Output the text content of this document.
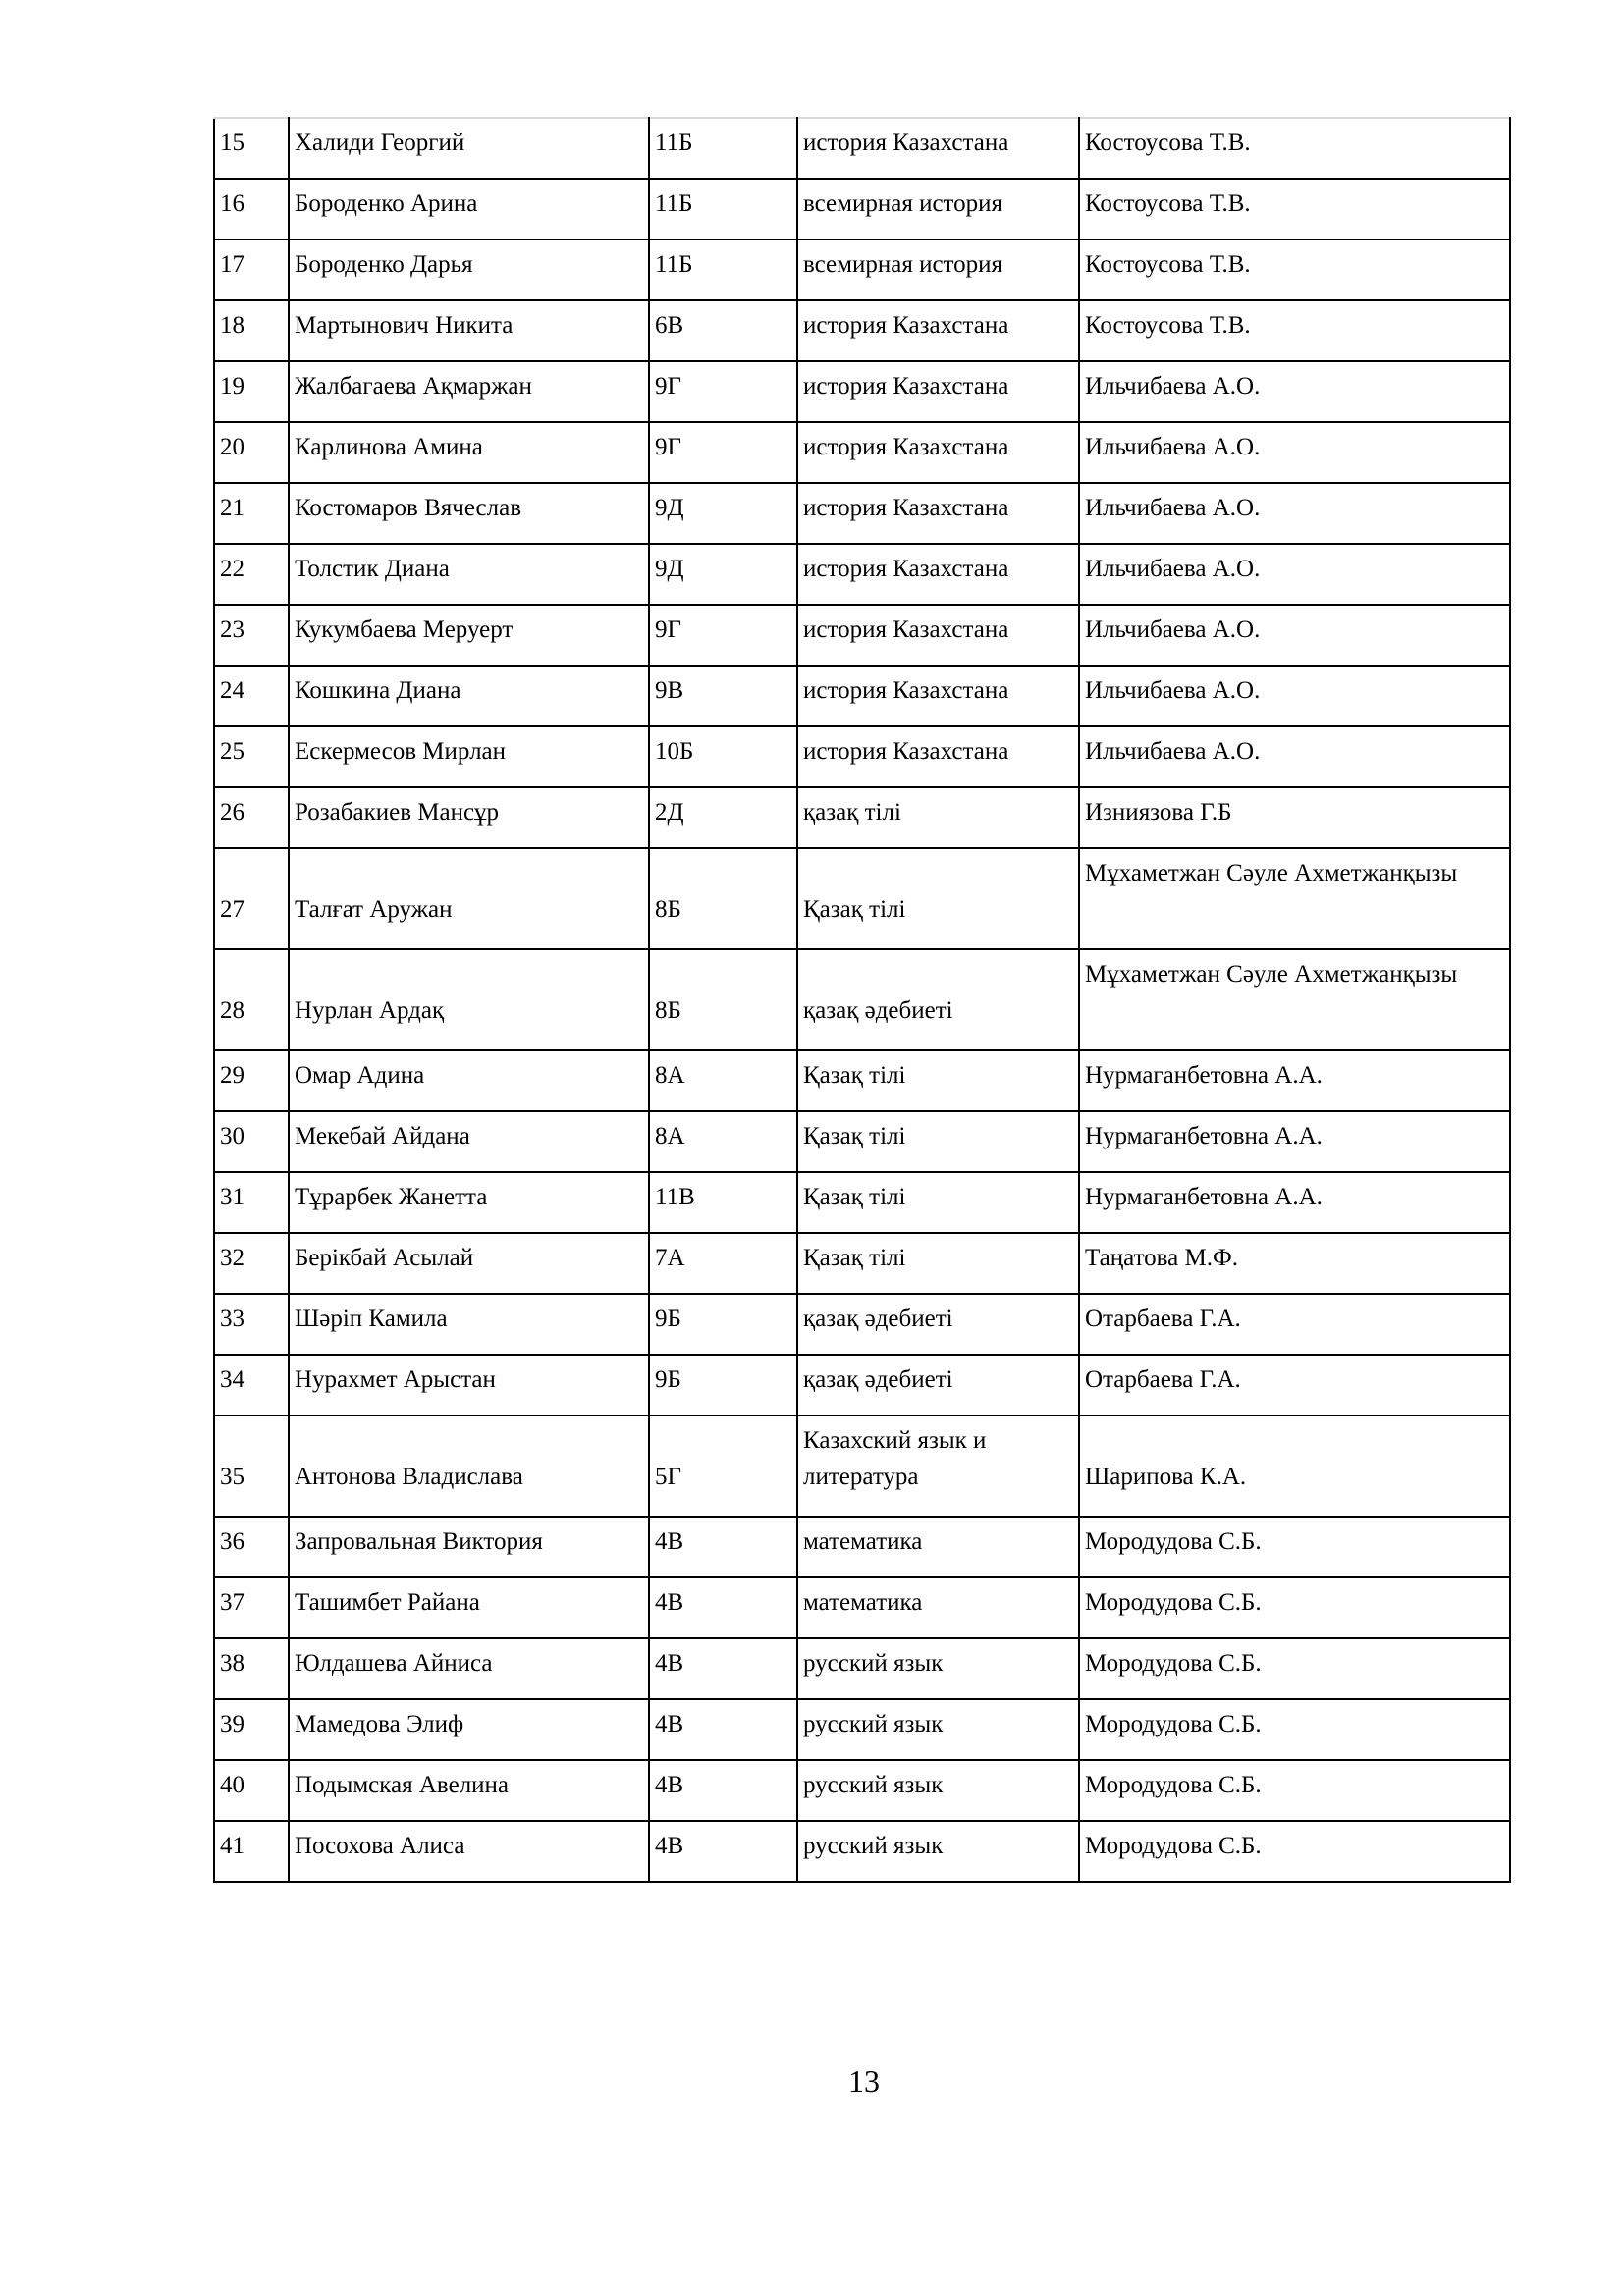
15	Халиди Георгий	11Б	история Казахстана	Костоусова Т.В.
16	Бороденко Арина	11Б	всемирная история	Костоусова Т.В.
17	Бороденко Дарья	11Б	всемирная история	Костоусова Т.В.
18	Мартынович Никита	6В	история Казахстана	Костоусова Т.В.
19	Жалбагаева Ақмаржан	9Г	история Казахстана	Ильчибаева А.О.
20	Карлинова Амина	9Г	история Казахстана	Ильчибаева А.О.
21	Костомаров Вячеслав	9Д	история Казахстана	Ильчибаева А.О.
22	Толстик Диана	9Д	история Казахстана	Ильчибаева А.О.
23	Кукумбаева Меруерт	9Г	история Казахстана	Ильчибаева А.О.
24	Кошкина Диана	9В	история Казахстана	Ильчибаева А.О.
25	Ескермесов Мирлан	10Б	история Казахстана	Ильчибаева А.О.
26	Розабакиев Мансұр	2Д	қазақ тілі	Изниязова Г.Б
27	Талғат Аружан	8Б	Қазақ тілі	Мұхаметжан Сәуле Ахметжанқызы
28	Нурлан Ардақ	8Б	қазақ әдебиеті	Мұхаметжан Сәуле Ахметжанқызы
29	Омар Адина	8А	Қазақ тілі	Нурмаганбетовна А.А.
30	Мекебай Айдана	8А	Қазақ тілі	Нурмаганбетовна А.А.
31	Тұрарбек Жанетта	11В	Қазақ тілі	Нурмаганбетовна А.А.
32	Берікбай Асылай	7А	Қазақ тілі	Таңатова М.Ф.
33	Шәріп Камила	9Б	қазақ әдебиеті	Отарбаева Г.А.
34	Нурахмет Арыстан	9Б	қазақ әдебиеті	Отарбаева Г.А.
35	Антонова Владислава	5Г	Казахский язык и литература	Шарипова К.А.
36	Запровальная Виктория	4В	математика	Мородудова С.Б.
37	Ташимбет Райана	4В	математика	Мородудова С.Б.
38	Юлдашева Айниса	4В	русский язык	Мородудова С.Б.
39	Мамедова Элиф	4В	русский язык	Мородудова С.Б.
40	Подымская Авелина	4В	русский язык	Мородудова С.Б.
41	Посохова Алиса	4В	русский язык	Мородудова С.Б.
13
